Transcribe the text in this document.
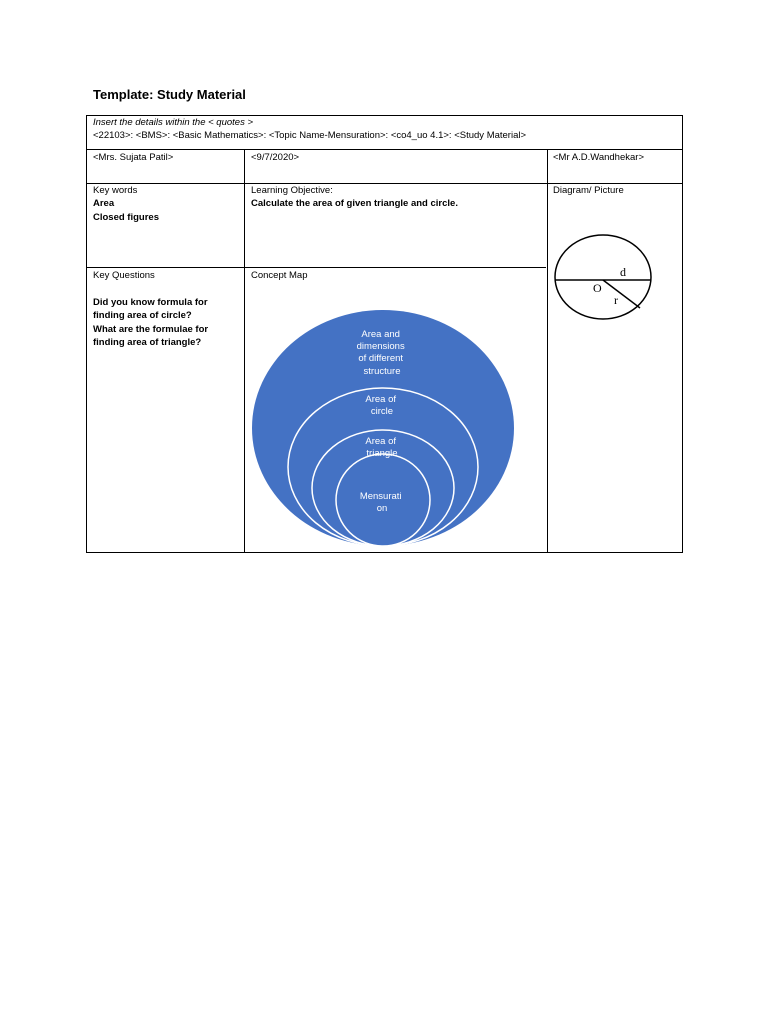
Template: Study Material
Insert the details within the < quotes >
<22103>: <BMS>: <Basic Mathematics>: <Topic Name-Mensuration>: <co4_uo 4.1>: <Study Material>
<Mrs. Sujata Patil>	<9/7/2020>	<Mr A.D.Wandhekar>
Key words
Area
Closed figures
Learning Objective:
Calculate the area of given triangle and circle.
Diagram/ Picture
Key Questions
Did you know formula for
finding area of circle?
What are the formulae for
finding area of triangle?
Concept Map
Area and dimensions of different structure
Area of circle
Area of triangle
Mensurati on
d
O
r
